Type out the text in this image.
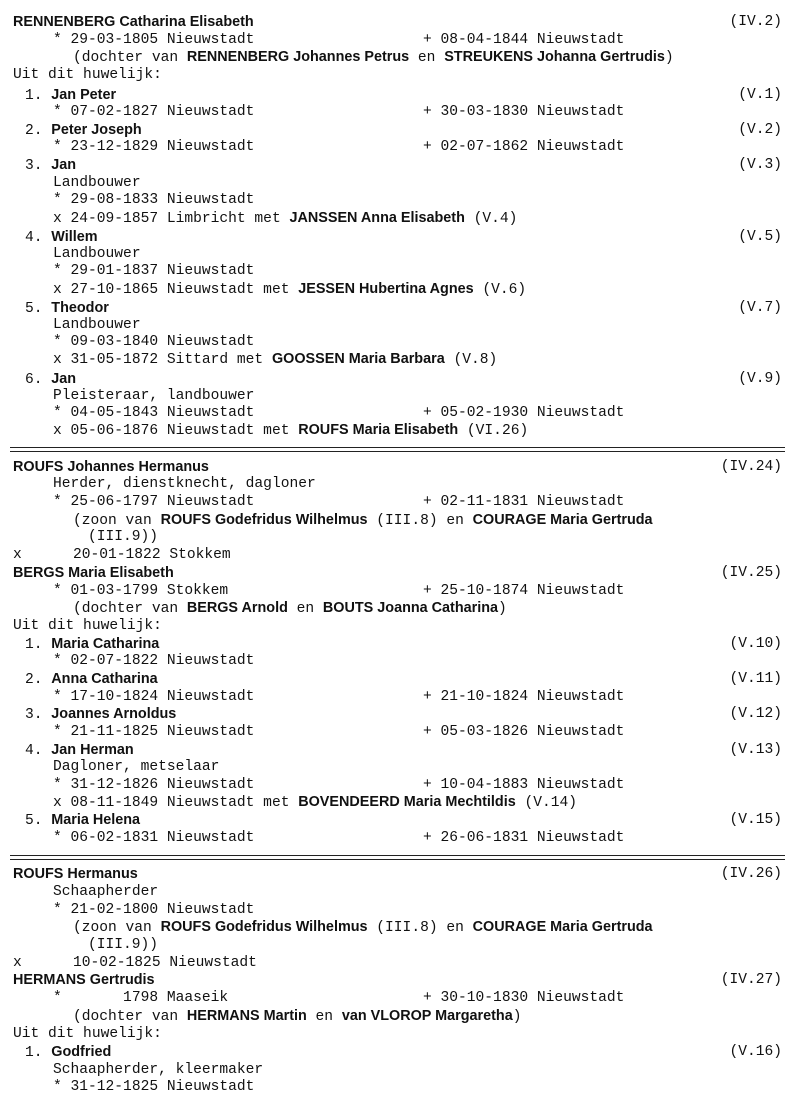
RENNENBERG Catharina Elisabeth	(IV.2)
* 29-03-1805 Nieuwstadt	+ 08-04-1844 Nieuwstadt
(dochter van RENNENBERG Johannes Petrus en STREUKENS Johanna Gertrudis)
Uit dit huwelijk:
1. Jan Peter	(V.1)
* 07-02-1827 Nieuwstadt	+ 30-03-1830 Nieuwstadt
2. Peter Joseph	(V.2)
* 23-12-1829 Nieuwstadt	+ 02-07-1862 Nieuwstadt
3. Jan	(V.3)
Landbouwer
* 29-08-1833 Nieuwstadt
x 24-09-1857 Limbricht met JANSSEN Anna Elisabeth (V.4)
4. Willem	(V.5)
Landbouwer
* 29-01-1837 Nieuwstadt
x 27-10-1865 Nieuwstadt met JESSEN Hubertina Agnes (V.6)
5. Theodor	(V.7)
Landbouwer
* 09-03-1840 Nieuwstadt
x 31-05-1872 Sittard met GOOSSEN Maria Barbara (V.8)
6. Jan	(V.9)
Pleisteraar, landbouwer
* 04-05-1843 Nieuwstadt	+ 05-02-1930 Nieuwstadt
x 05-06-1876 Nieuwstadt met ROUFS Maria Elisabeth (VI.26)
ROUFS Johannes Hermanus	(IV.24)
Herder, dienstknecht, dagloner
* 25-06-1797 Nieuwstadt	+ 02-11-1831 Nieuwstadt
(zoon van ROUFS Godefridus Wilhelmus (III.8) en COURAGE Maria Gertruda
(III.9))
x	20-01-1822 Stokkem
BERGS Maria Elisabeth	(IV.25)
* 01-03-1799 Stokkem	+ 25-10-1874 Nieuwstadt
(dochter van BERGS Arnold en BOUTS Joanna Catharina)
Uit dit huwelijk:
1. Maria Catharina	(V.10)
* 02-07-1822 Nieuwstadt
2. Anna Catharina	(V.11)
* 17-10-1824 Nieuwstadt	+ 21-10-1824 Nieuwstadt
3. Joannes Arnoldus	(V.12)
* 21-11-1825 Nieuwstadt	+ 05-03-1826 Nieuwstadt
4. Jan Herman	(V.13)
Dagloner, metselaar
* 31-12-1826 Nieuwstadt	+ 10-04-1883 Nieuwstadt
x 08-11-1849 Nieuwstadt met BOVENDEERD Maria Mechtildis (V.14)
5. Maria Helena	(V.15)
* 06-02-1831 Nieuwstadt	+ 26-06-1831 Nieuwstadt
ROUFS Hermanus	(IV.26)
Schaapherder
* 21-02-1800 Nieuwstadt
(zoon van ROUFS Godefridus Wilhelmus (III.8) en COURAGE Maria Gertruda
(III.9))
x	10-02-1825 Nieuwstadt
HERMANS Gertrudis	(IV.27)
*       1798 Maaseik	+ 30-10-1830 Nieuwstadt
(dochter van HERMANS Martin en van VLOROP Margaretha)
Uit dit huwelijk:
1. Godfried	(V.16)
Schaapherder, kleermaker
* 31-12-1825 Nieuwstadt
